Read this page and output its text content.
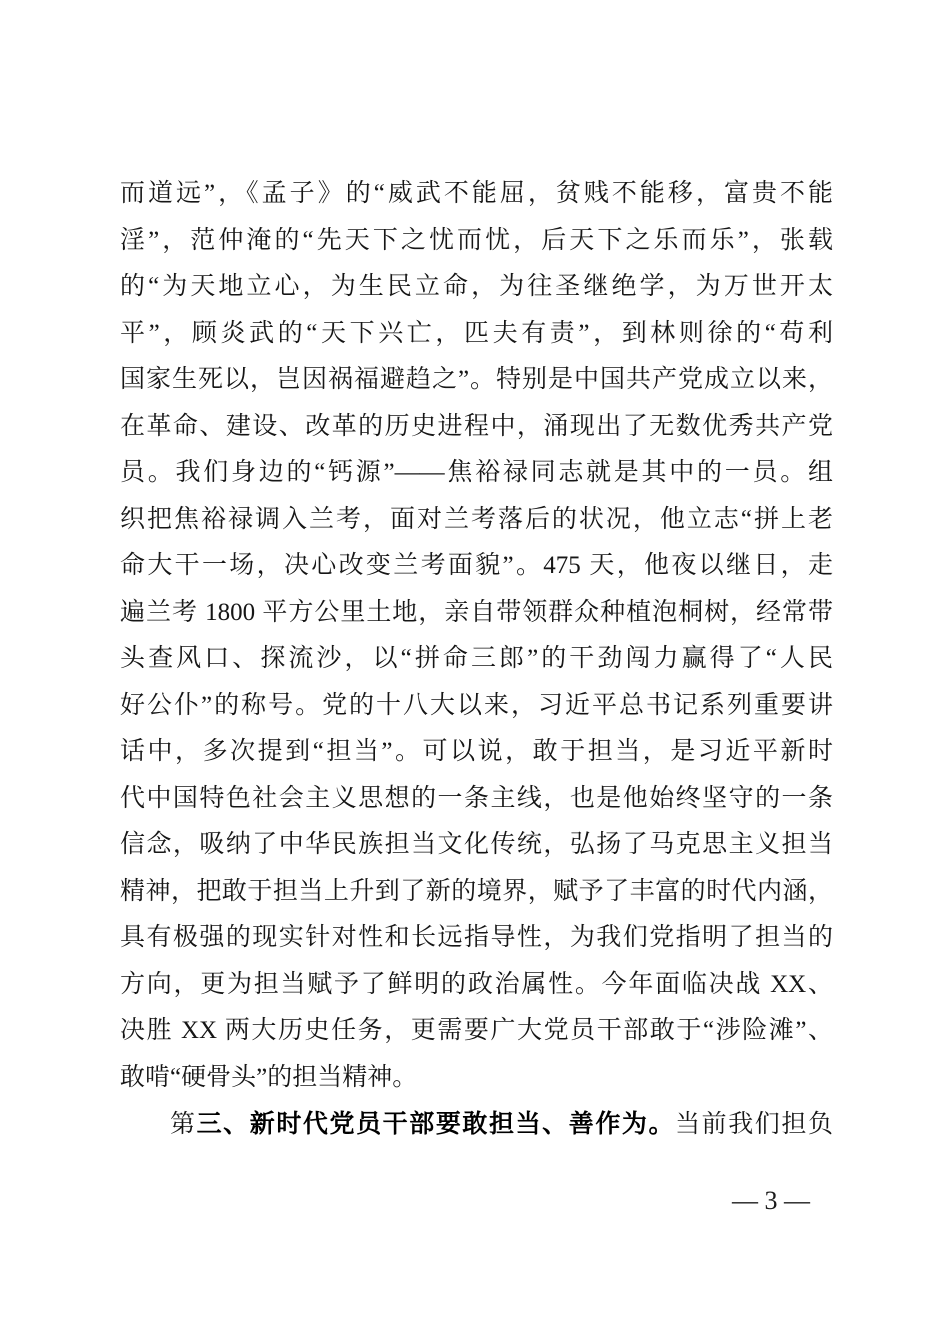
而道远”，《孟子》的“威武不能屈，贫贱不能移，富贵不能
淫”，范仲淹的“先天下之忧而忧，后天下之乐而乐”，张载
的“为天地立心，为生民立命，为往圣继绝学，为万世开太
平”，顾炎武的“天下兴亡，匹夫有责”，到林则徐的“苟利
国家生死以，岂因祸福避趋之”。特别是中国共产党成立以来，
在革命、建设、改革的历史进程中，涌现出了无数优秀共产党
员。我们身边的“钙源”——焦裕禄同志就是其中的一员。组
织把焦裕禄调入兰考，面对兰考落后的状况，他立志“拼上老
命大干一场，决心改变兰考面貌”。475 天，他夜以继日，走
遍兰考 1800 平方公里土地，亲自带领群众种植泡桐树，经常带
头查风口、探流沙，以“拼命三郎”的干劲闯力赢得了“人民
好公仆”的称号。党的十八大以来，习近平总书记系列重要讲
话中，多次提到“担当”。可以说，敢于担当，是习近平新时
代中国特色社会主义思想的一条主线，也是他始终坚守的一条
信念，吸纳了中华民族担当文化传统，弘扬了马克思主义担当
精神，把敢于担当上升到了新的境界，赋予了丰富的时代内涵，
具有极强的现实针对性和长远指导性，为我们党指明了担当的
方向，更为担当赋予了鲜明的政治属性。今年面临决战 XX、
决胜 XX 两大历史任务，更需要广大党员干部敢于“涉险滩”、
敢啃“硬骨头”的担当精神。
第三、新时代党员干部要敢担当、善作为。当前我们担负
— 3 —
